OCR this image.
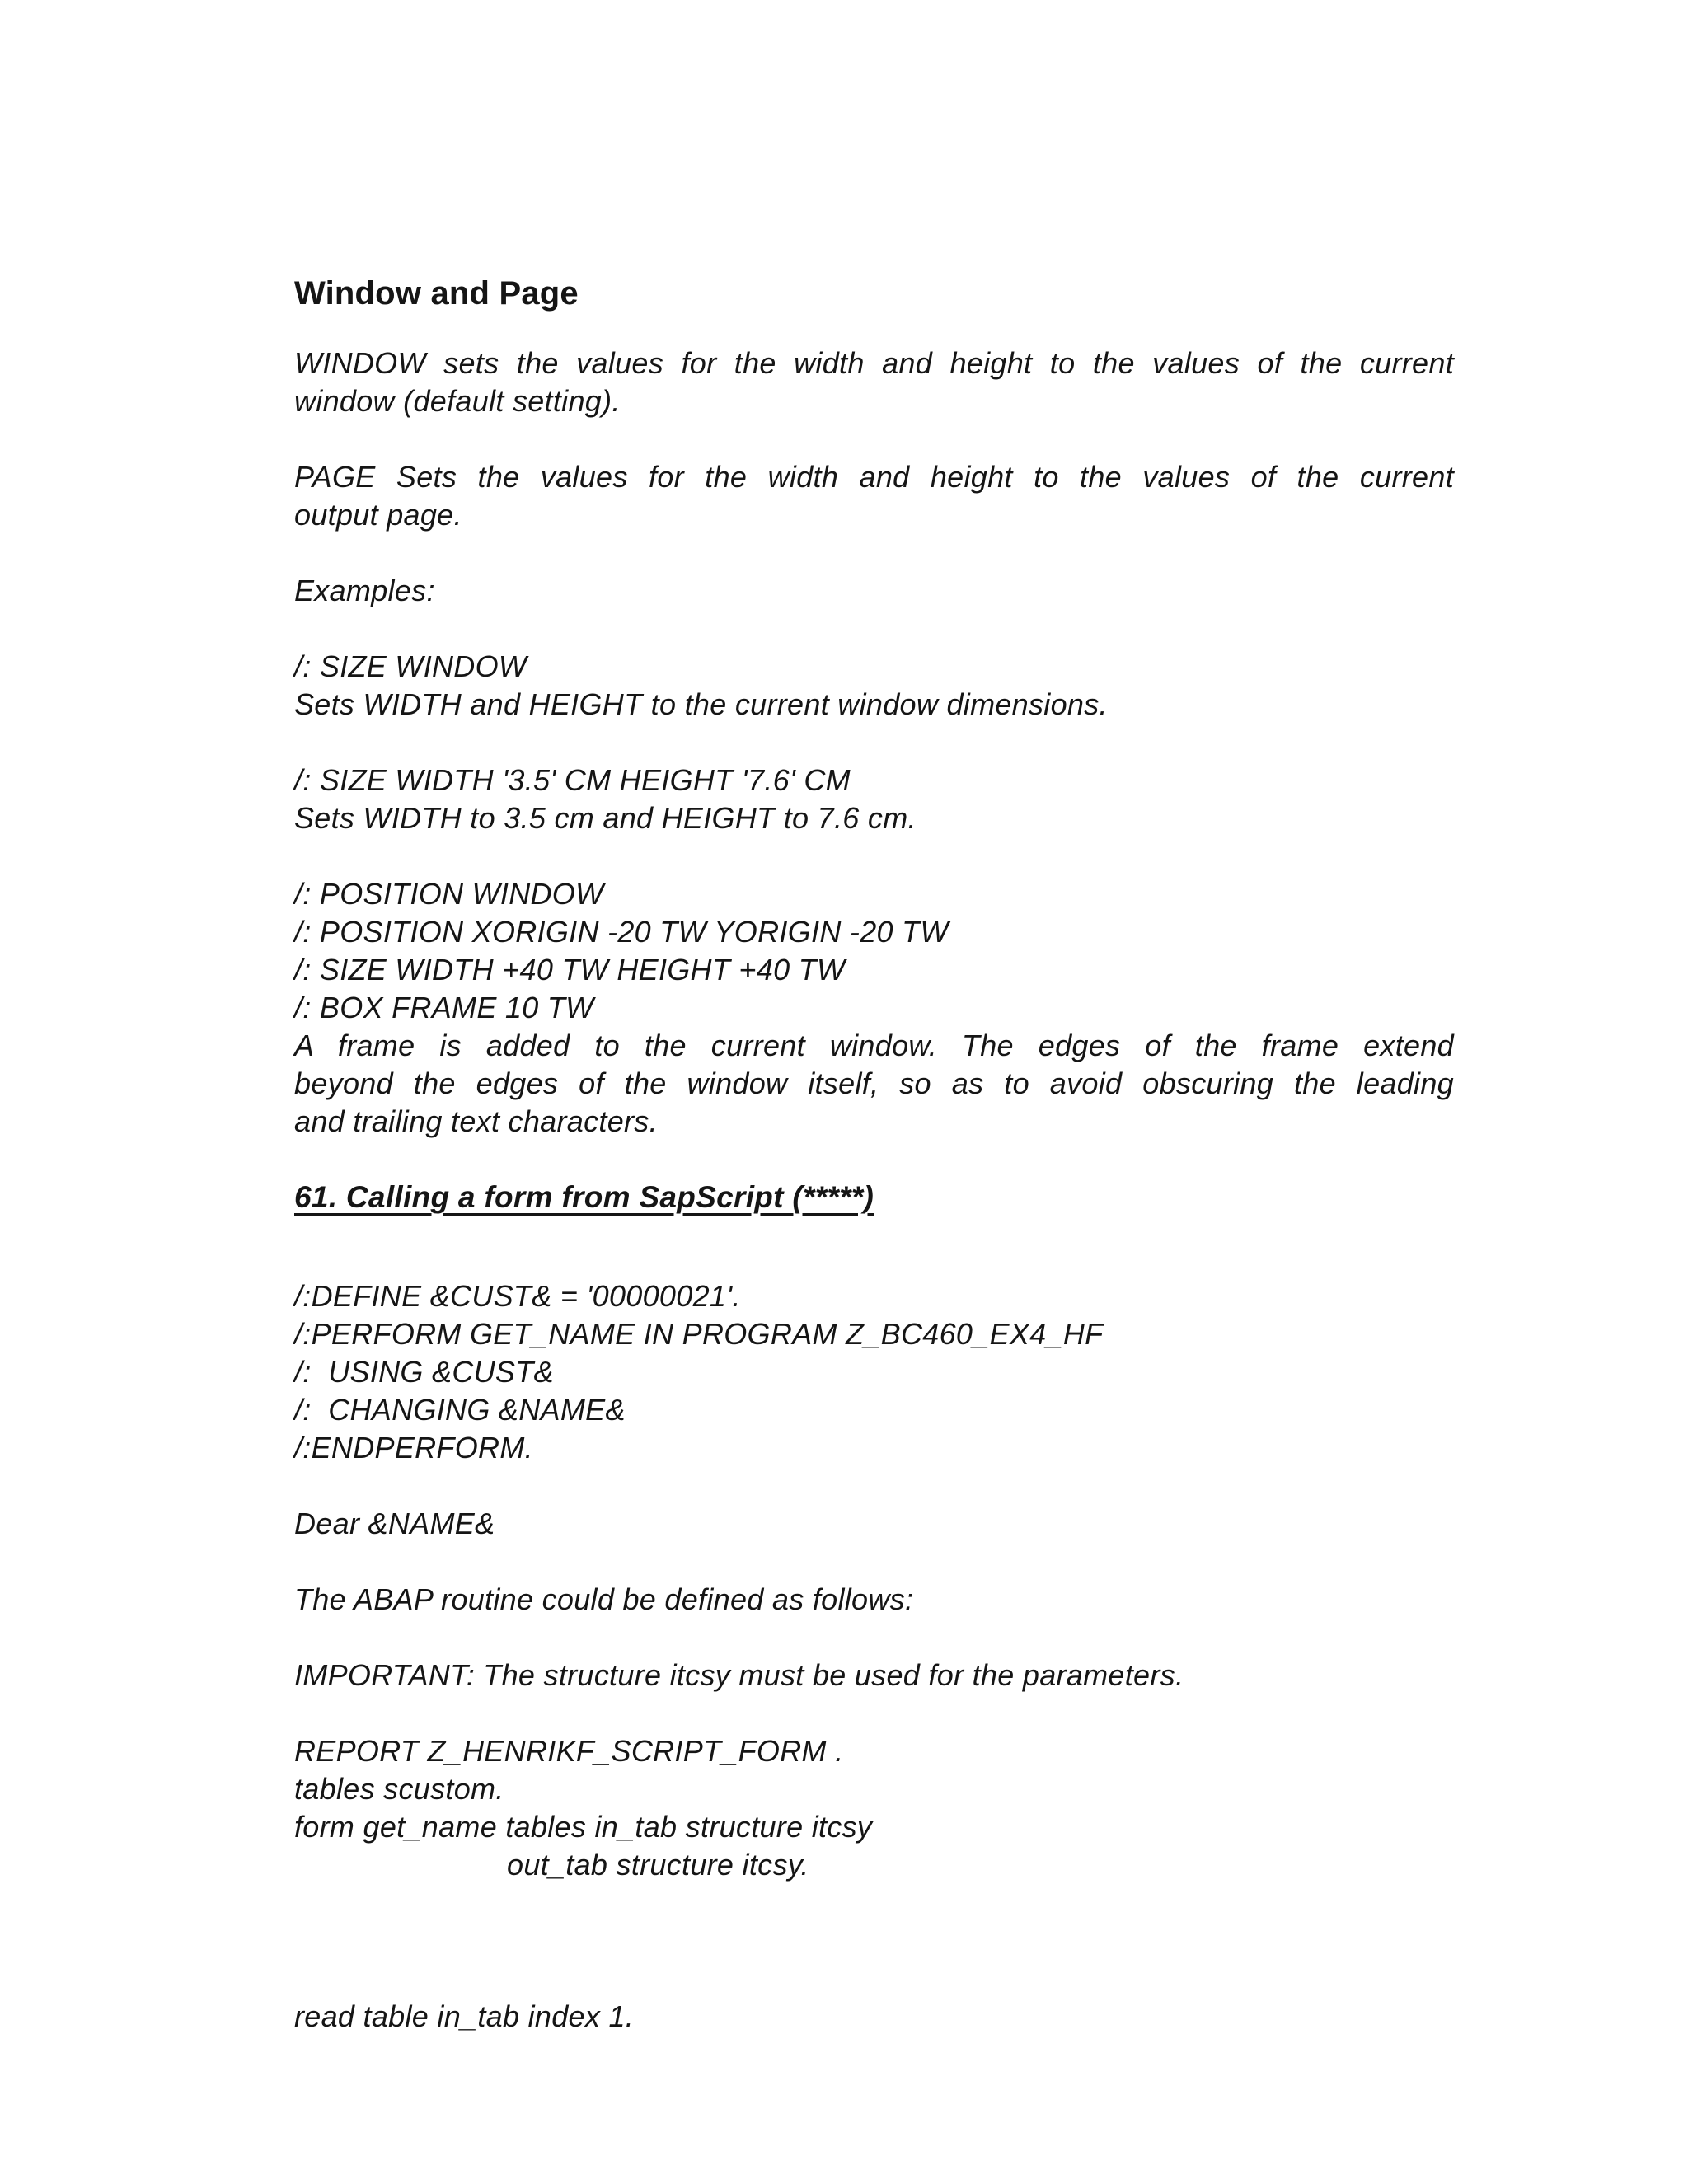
Window and Page
WINDOW sets the values for the width and height to the values of the current
window (default setting).
PAGE Sets the values for the width and height to the values of the current
output page.
Examples:
/: SIZE WINDOW
Sets WIDTH and HEIGHT to the current window dimensions.
/: SIZE WIDTH '3.5' CM HEIGHT '7.6' CM
Sets WIDTH to 3.5 cm and HEIGHT to 7.6 cm.
/: POSITION WINDOW
/: POSITION XORIGIN -20 TW YORIGIN -20 TW
/: SIZE WIDTH +40 TW HEIGHT +40 TW
/: BOX FRAME 10 TW
A frame is added to the current window. The edges of the frame extend
beyond the edges of the window itself, so as to avoid obscuring the leading
and trailing text characters.
61. Calling a form from SapScript (*****)
/:DEFINE &CUST& = '00000021'.
/:PERFORM GET_NAME IN PROGRAM Z_BC460_EX4_HF
/:  USING &CUST&
/:  CHANGING &NAME&
/:ENDPERFORM.
Dear &NAME&
The ABAP routine could be defined as follows:
IMPORTANT: The structure itcsy must be used for the parameters.
REPORT Z_HENRIKF_SCRIPT_FORM .
tables scustom.
form get_name tables in_tab structure itcsy
out_tab structure itcsy.
read table in_tab index 1.
